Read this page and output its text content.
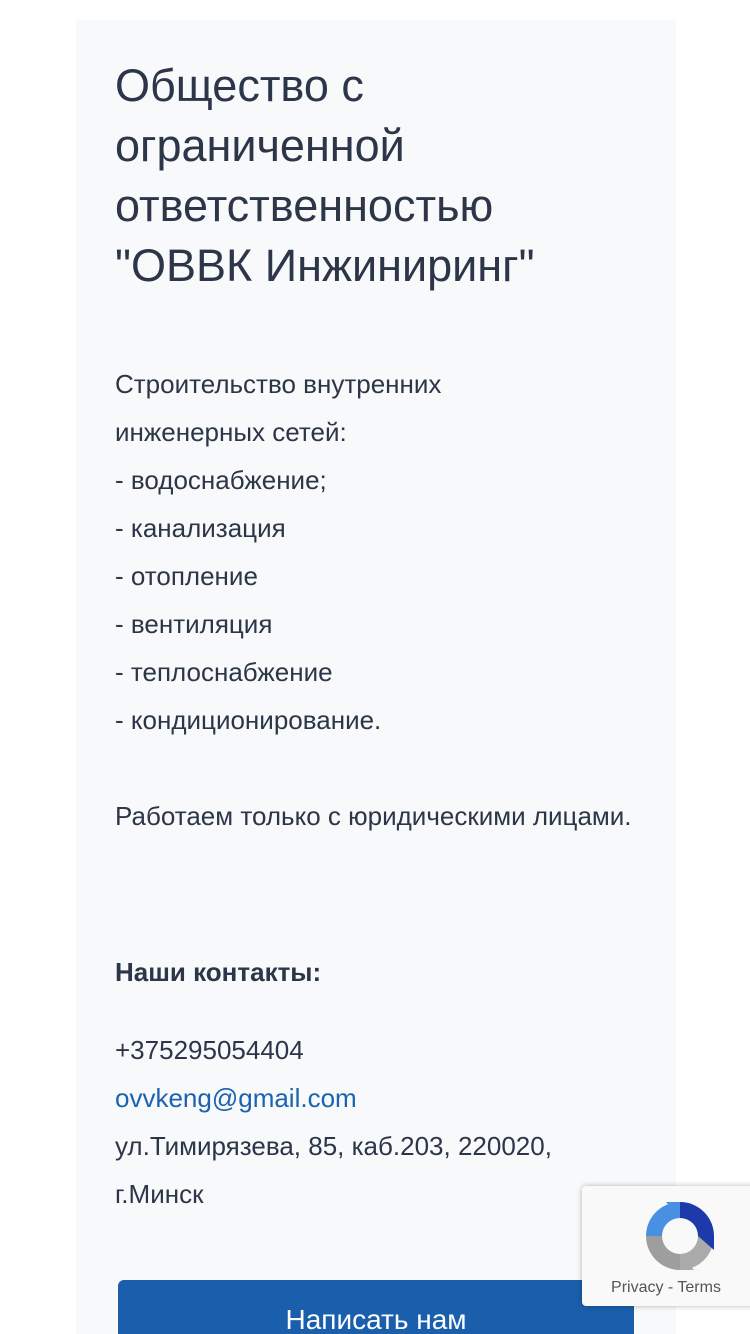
Общество с ограниченной ответственностью "ОВВК Инжиниринг"
Строительство внутренних
инженерных сетей:
- водоснабжение;
- канализация
- отопление
- вентиляция
- теплоснабжение
- кондиционирование.
Работаем только с юридическими лицами.
Наши контакты:
+375295054404
ovvkeng@gmail.com
ул.Тимирязева, 85, каб.203, 220020, г.Минск
Написать нам
Privacy - Terms
